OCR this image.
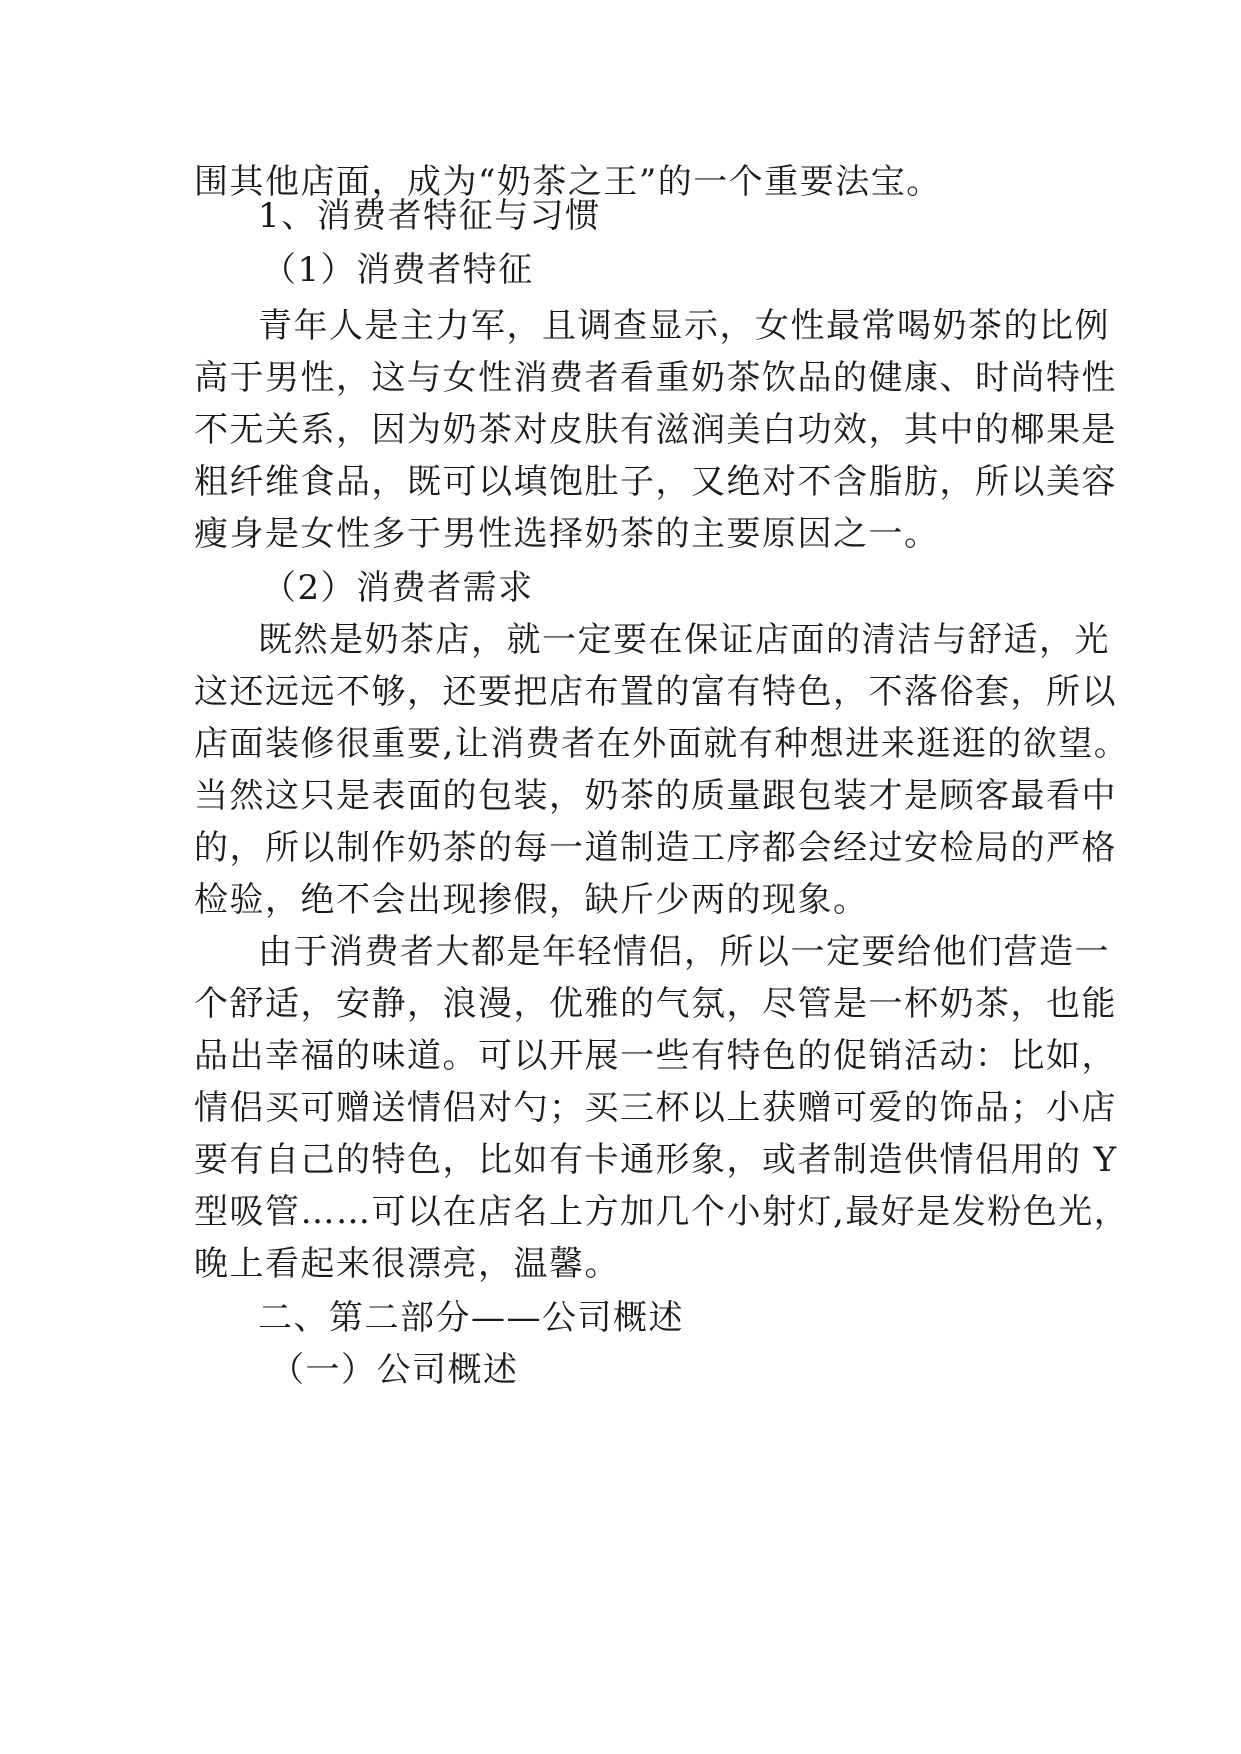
围其他店面，成为“奶茶之王”的一个重要法宝。
1、消费者特征与习惯
（1）消费者特征
青年人是主力军，且调查显示，女性最常喝奶茶的比例
高于男性，这与女性消费者看重奶茶饮品的健康、时尚特性
不无关系，因为奶茶对皮肤有滋润美白功效，其中的椰果是
粗纤维食品，既可以填饱肚子，又绝对不含脂肪，所以美容
瘦身是女性多于男性选择奶茶的主要原因之一。
（2）消费者需求
既然是奶茶店，就一定要在保证店面的清洁与舒适，光
这还远远不够，还要把店布置的富有特色，不落俗套，所以
店面装修很重要,让消费者在外面就有种想进来逛逛的欲望。
当然这只是表面的包装，奶茶的质量跟包装才是顾客最看中
的，所以制作奶茶的每一道制造工序都会经过安检局的严格
检验，绝不会出现掺假，缺斤少两的现象。
由于消费者大都是年轻情侣，所以一定要给他们营造一
个舒适，安静，浪漫，优雅的气氛，尽管是一杯奶茶，也能
品出幸福的味道。可以开展一些有特色的促销活动：比如，
情侣买可赠送情侣对勺；买三杯以上获赠可爱的饰品；小店
要有自己的特色，比如有卡通形象，或者制造供情侣用的 Y
型吸管……可以在店名上方加几个小射灯,最好是发粉色光，
晚上看起来很漂亮，温馨。
二、第二部分——公司概述
（一）公司概述
